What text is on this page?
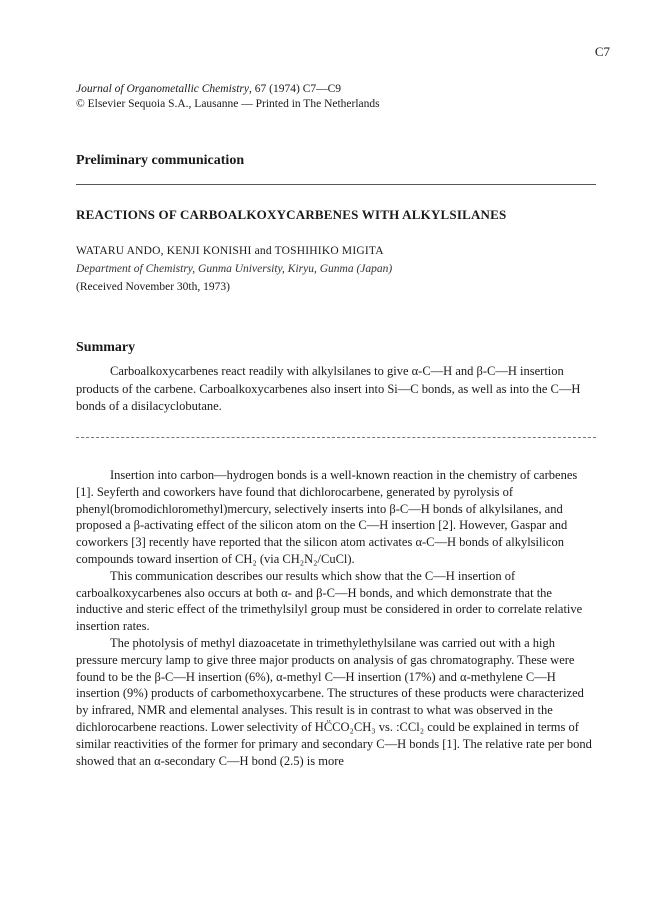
C7
Journal of Organometallic Chemistry, 67 (1974) C7—C9
© Elsevier Sequoia S.A., Lausanne — Printed in The Netherlands
Preliminary communication
REACTIONS OF CARBOALKOXYCARBENES WITH ALKYLSILANES
WATARU ANDO, KENJI KONISHI and TOSHIHIKO MIGITA
Department of Chemistry, Gunma University, Kiryu, Gunma (Japan)
(Received November 30th, 1973)
Summary

Carboalkoxycarbenes react readily with alkylsilanes to give α-C—H and β-C—H insertion products of the carbene. Carboalkoxycarbenes also insert into Si—C bonds, as well as into the C—H bonds of a disilacyclobutane.

Insertion into carbon—hydrogen bonds is a well-known reaction in the chemistry of carbenes [1]. Seyferth and coworkers have found that dichlorocarbene, generated by pyrolysis of phenyl(bromodichloromethyl)mercury, selectively inserts into β-C—H bonds of alkylsilanes, and proposed a β-activating effect of the silicon atom on the C—H insertion [2]. However, Gaspar and coworkers [3] recently have reported that the silicon atom activates α-C—H bonds of alkylsilicon compounds toward insertion of CH₂ (via CH₂N₂/CuCl).

This communication describes our results which show that the C—H insertion of carboalkoxycarbenes also occurs at both α- and β-C—H bonds, and which demonstrate that the inductive and steric effect of the trimethylsilyl group must be considered in order to correlate relative insertion rates.

The photolysis of methyl diazoacetate in trimethylethylsilane was carried out with a high pressure mercury lamp to give three major products on analysis of gas chromatography. These were found to be the β-C—H insertion (6%), α-methyl C—H insertion (17%) and α-methylene C—H insertion (9%) products of carbomethoxycarbene. The structures of these products were characterized by infrared, NMR and elemental analyses. This result is in contrast to what was observed in the dichlorocarbene reactions. Lower selectivity of HC̈CO₂CH₃ vs. :CCl₂ could be explained in terms of similar reactivities of the former for primary and secondary C—H bonds [1]. The relative rate per bond showed that an α-secondary C—H bond (2.5) is more
